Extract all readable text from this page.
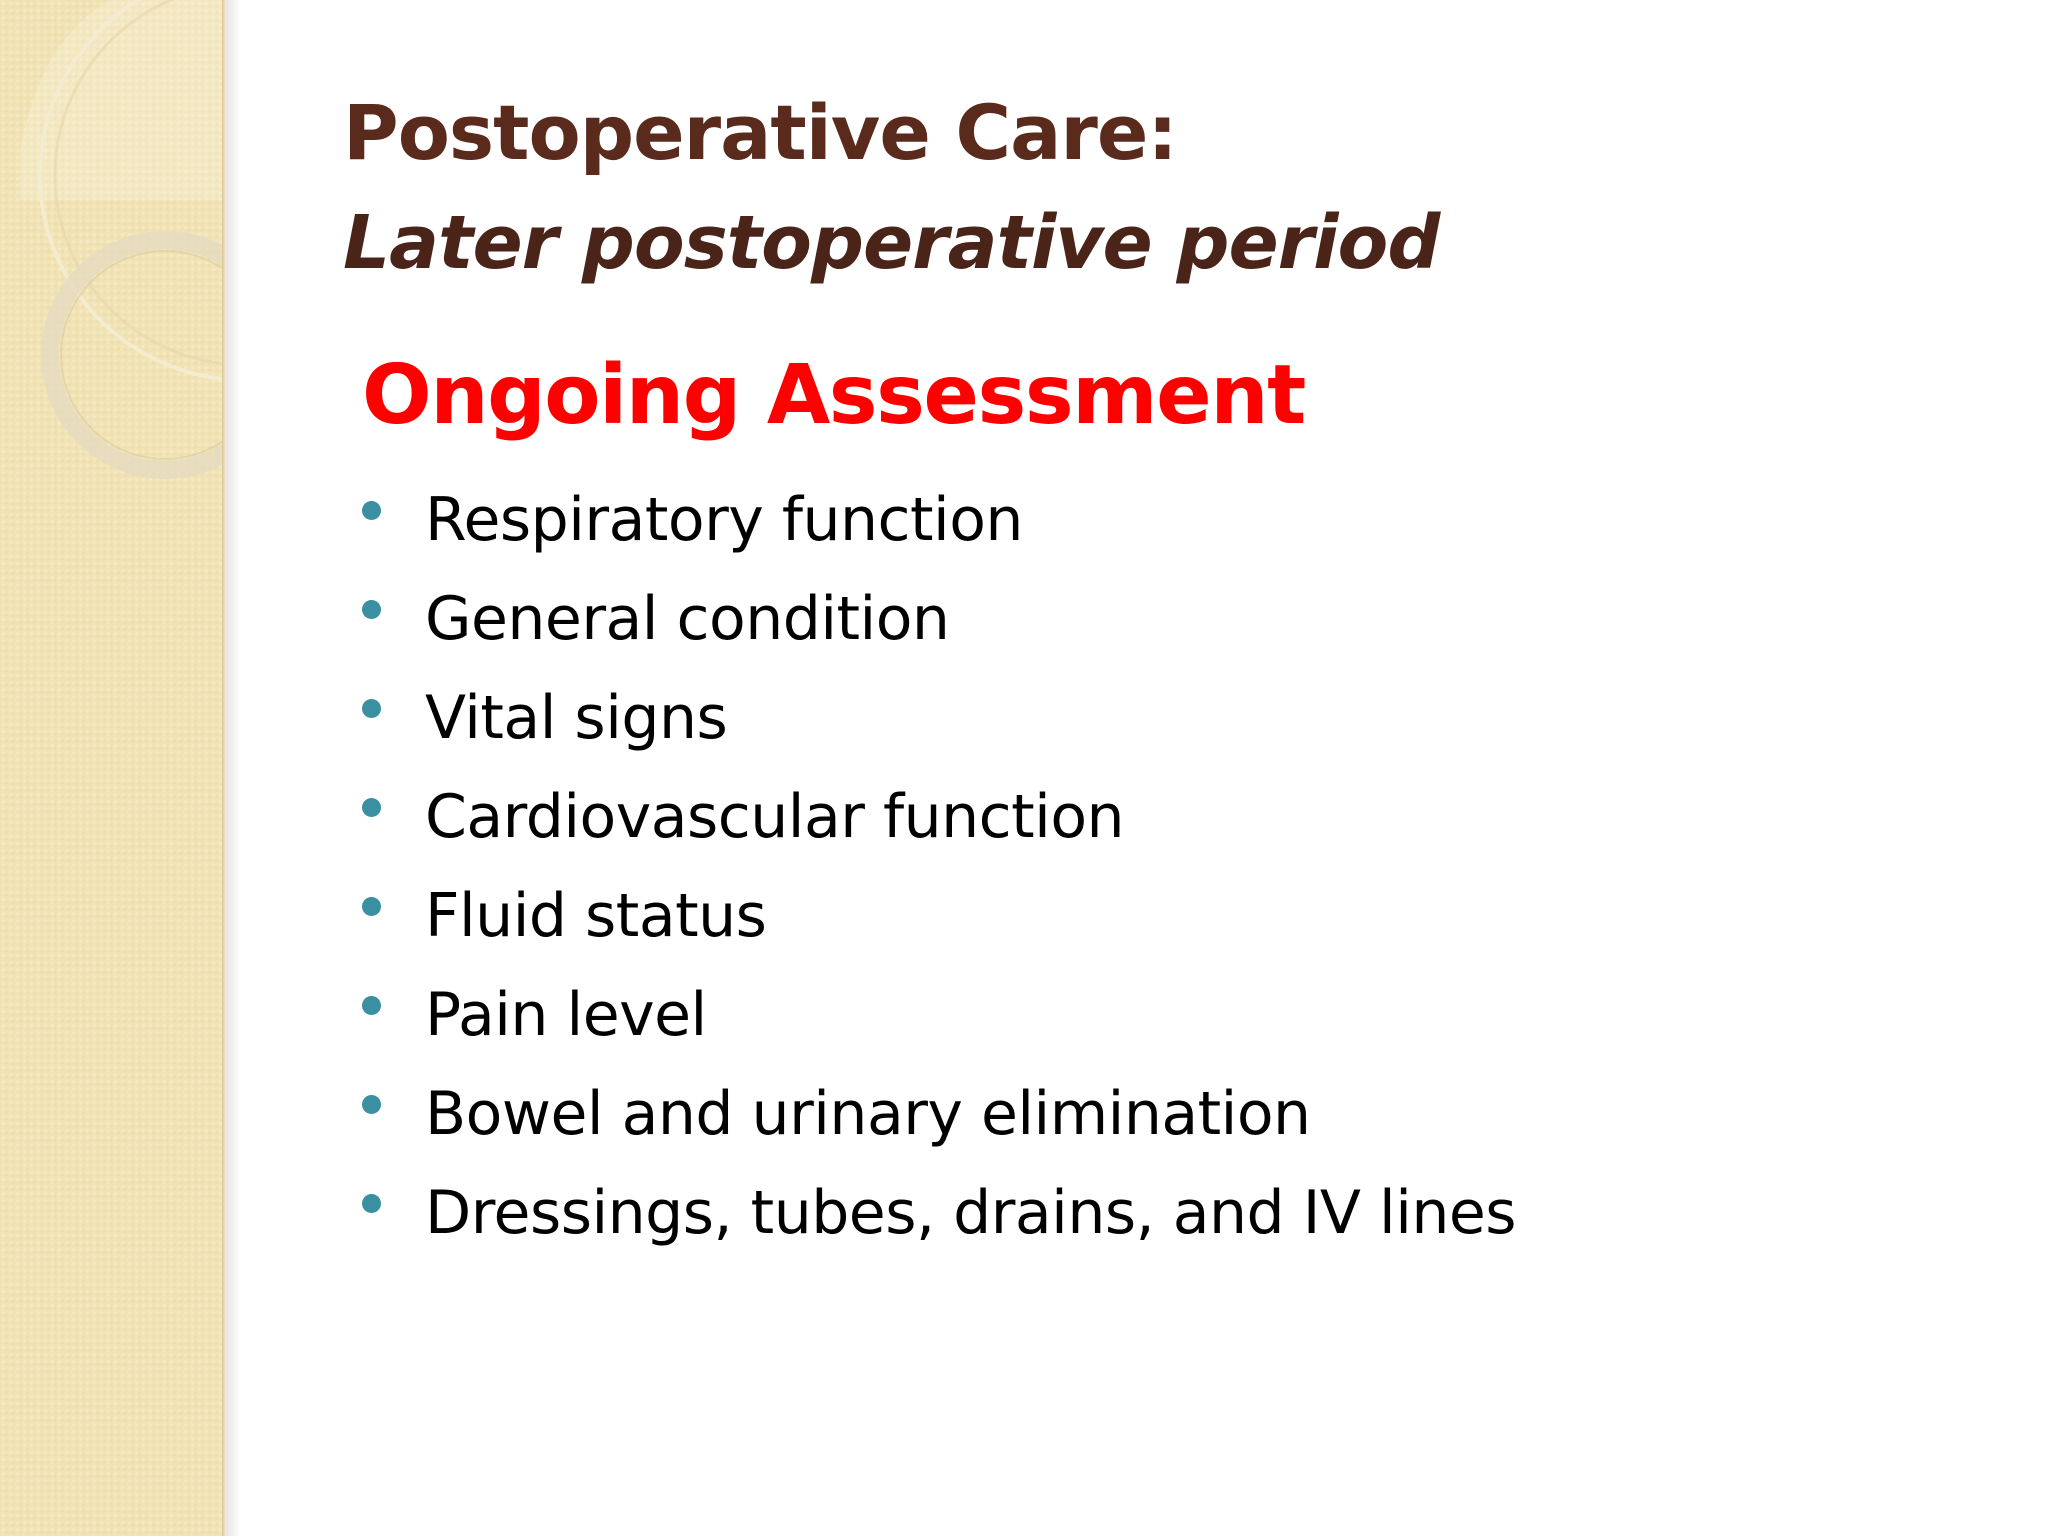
Postoperative Care:
Later postoperative period
Ongoing Assessment
Respiratory function
General condition
Vital signs
Cardiovascular function
Fluid status
Pain level
Bowel and urinary elimination
Dressings, tubes, drains, and IV lines
